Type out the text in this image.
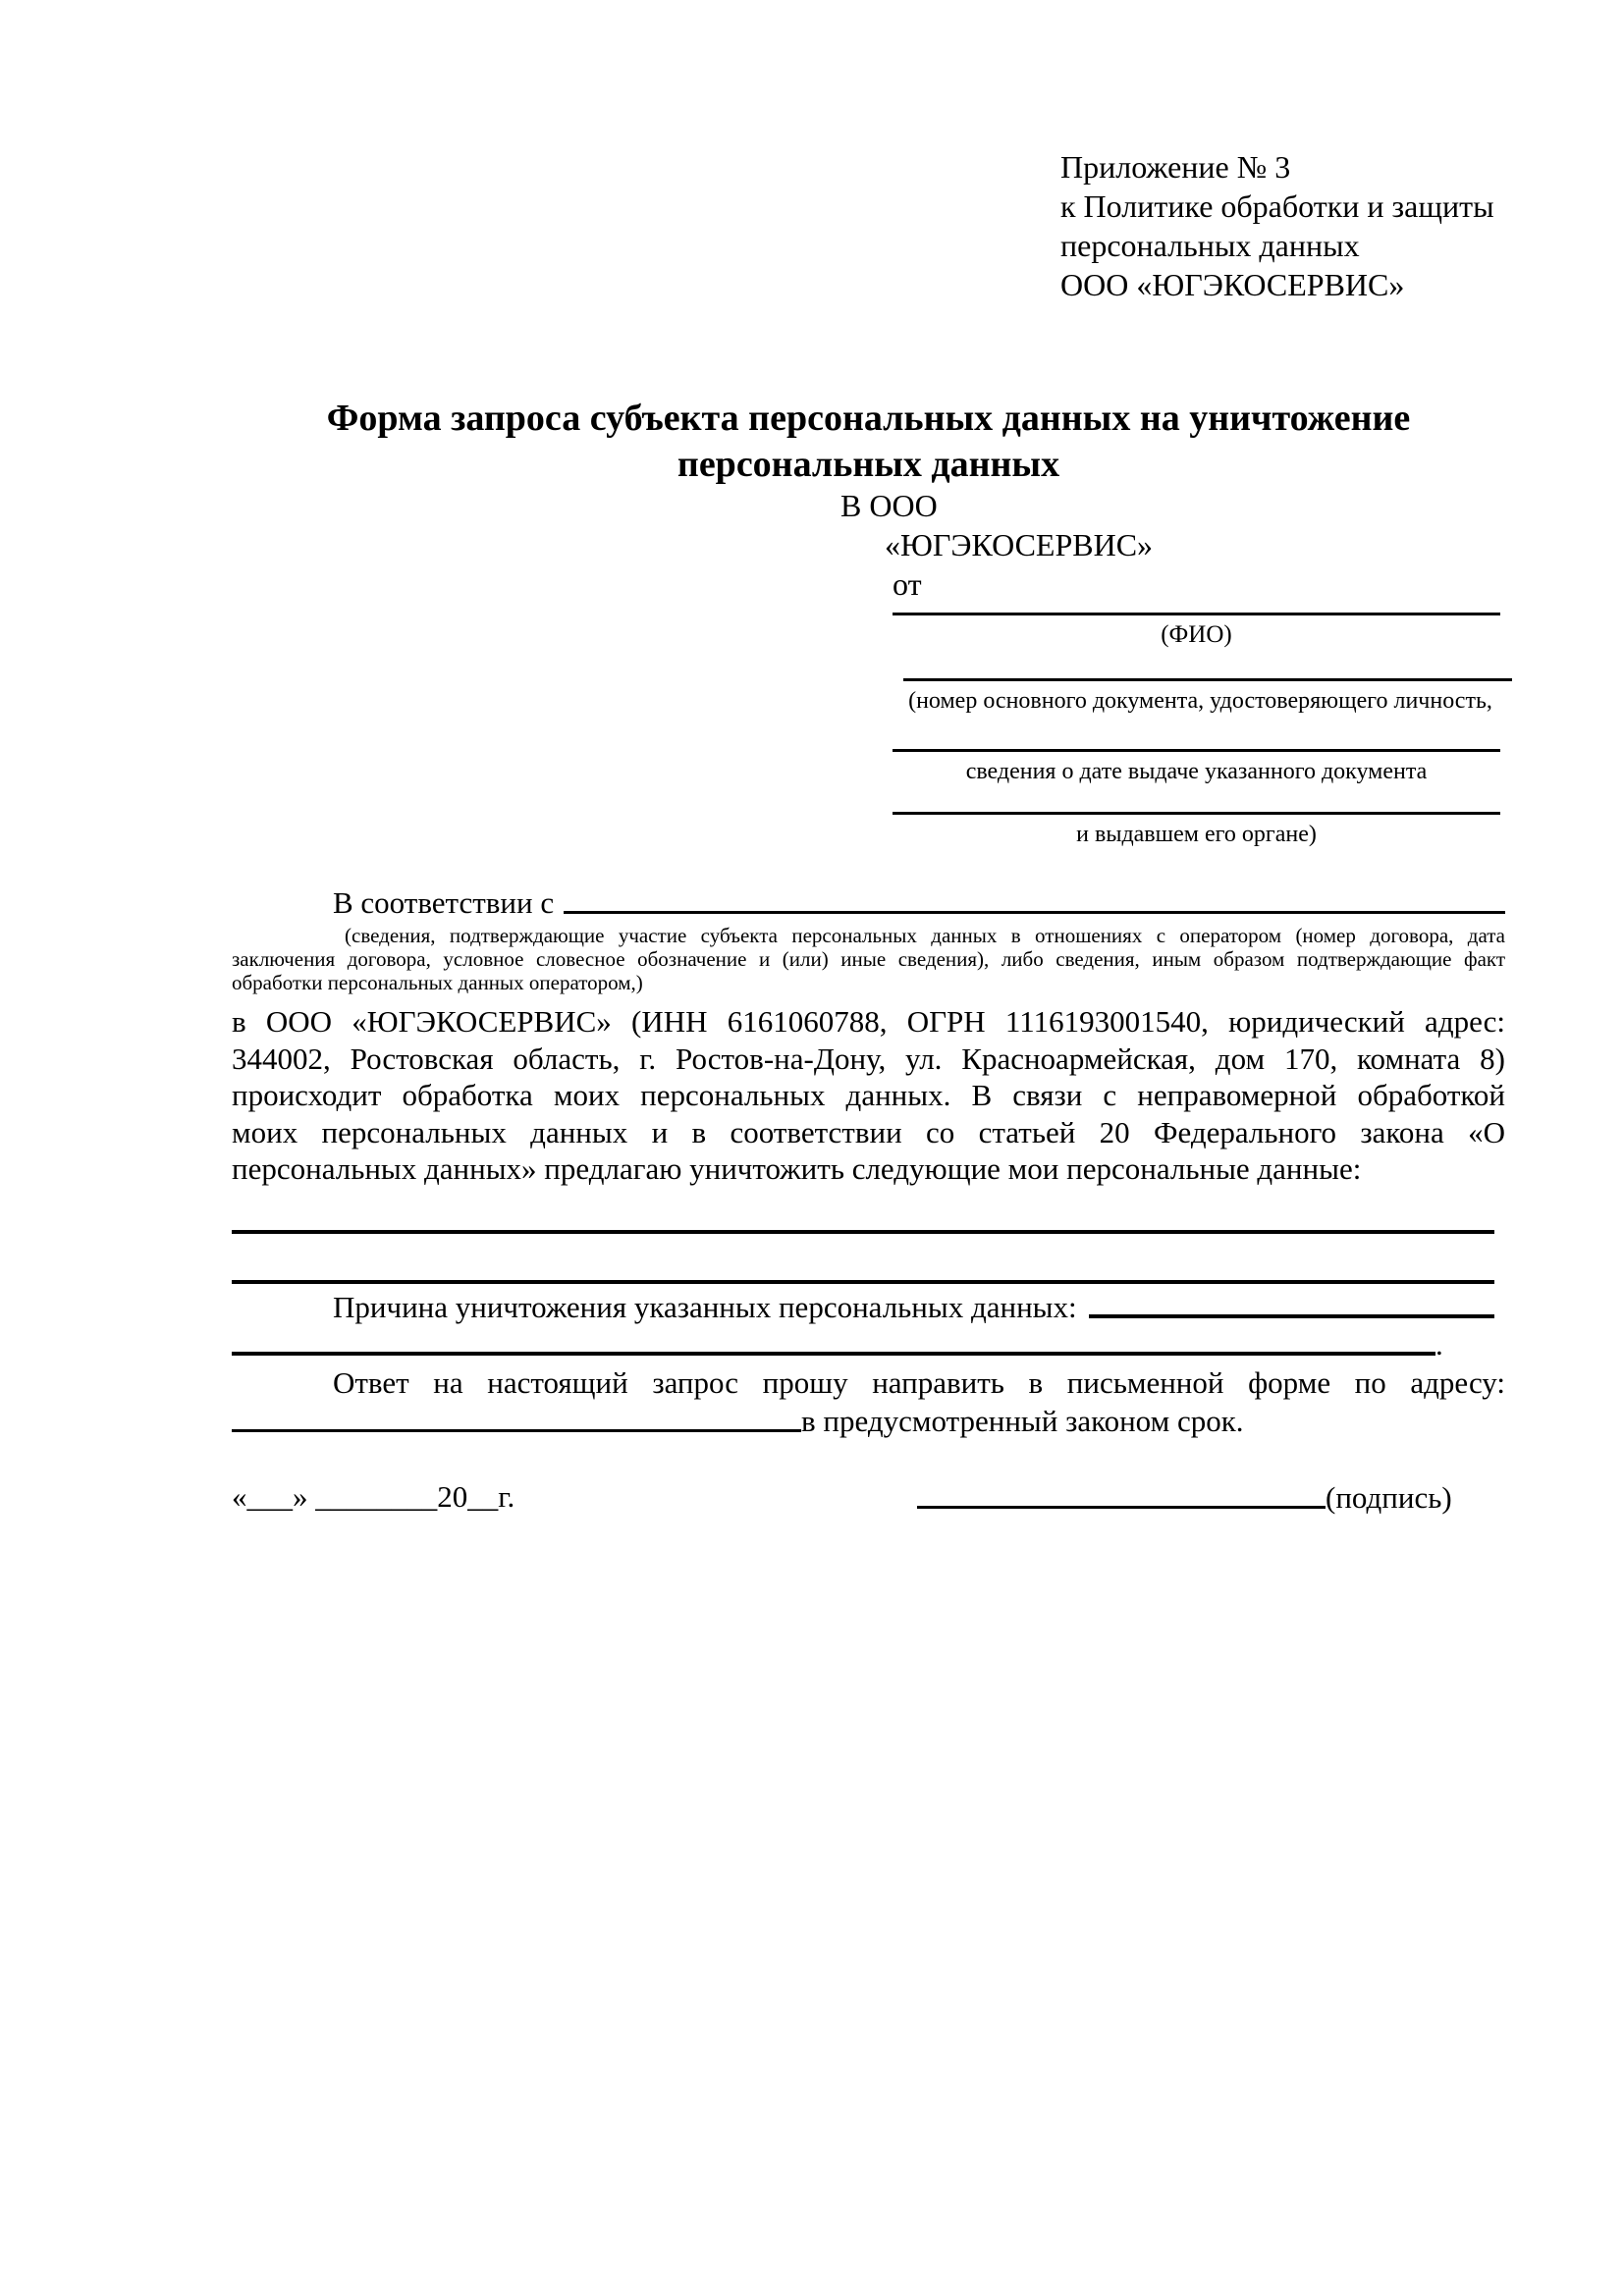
Приложение № 3
к Политике обработки и защиты
персональных данных
ООО «ЮГЭКОСЕРВИС»
Форма запроса субъекта персональных данных на уничтожение
персональных данных
В ООО
«ЮГЭКОСЕРВИС»
от
(ФИО)
(номер основного документа, удостоверяющего личность,
сведения о дате выдаче указанного документа
и выдавшем его органе)
В соответствии с
(сведения, подтверждающие участие субъекта персональных данных в отношениях с оператором (номер договора, дата
заключения договора, условное словесное обозначение и (или) иные сведения), либо сведения, иным образом подтверждающие факт
обработки персональных данных оператором,)
в ООО «ЮГЭКОСЕРВИС» (ИНН 6161060788, ОГРН 1116193001540, юридический адрес:
344002, Ростовская область, г. Ростов-на-Дону, ул. Красноармейская, дом 170, комната 8)
происходит обработка моих персональных данных. В связи с неправомерной обработкой
моих персональных данных и в соответствии со статьей 20 Федерального закона «О
персональных данных» предлагаю уничтожить следующие мои персональные данные:
Причина уничтожения указанных персональных данных:
.
Ответ на настоящий запрос прошу направить в письменной форме по адресу:
в предусмотренный законом срок.
«___» ________20__г.	(подпись)
